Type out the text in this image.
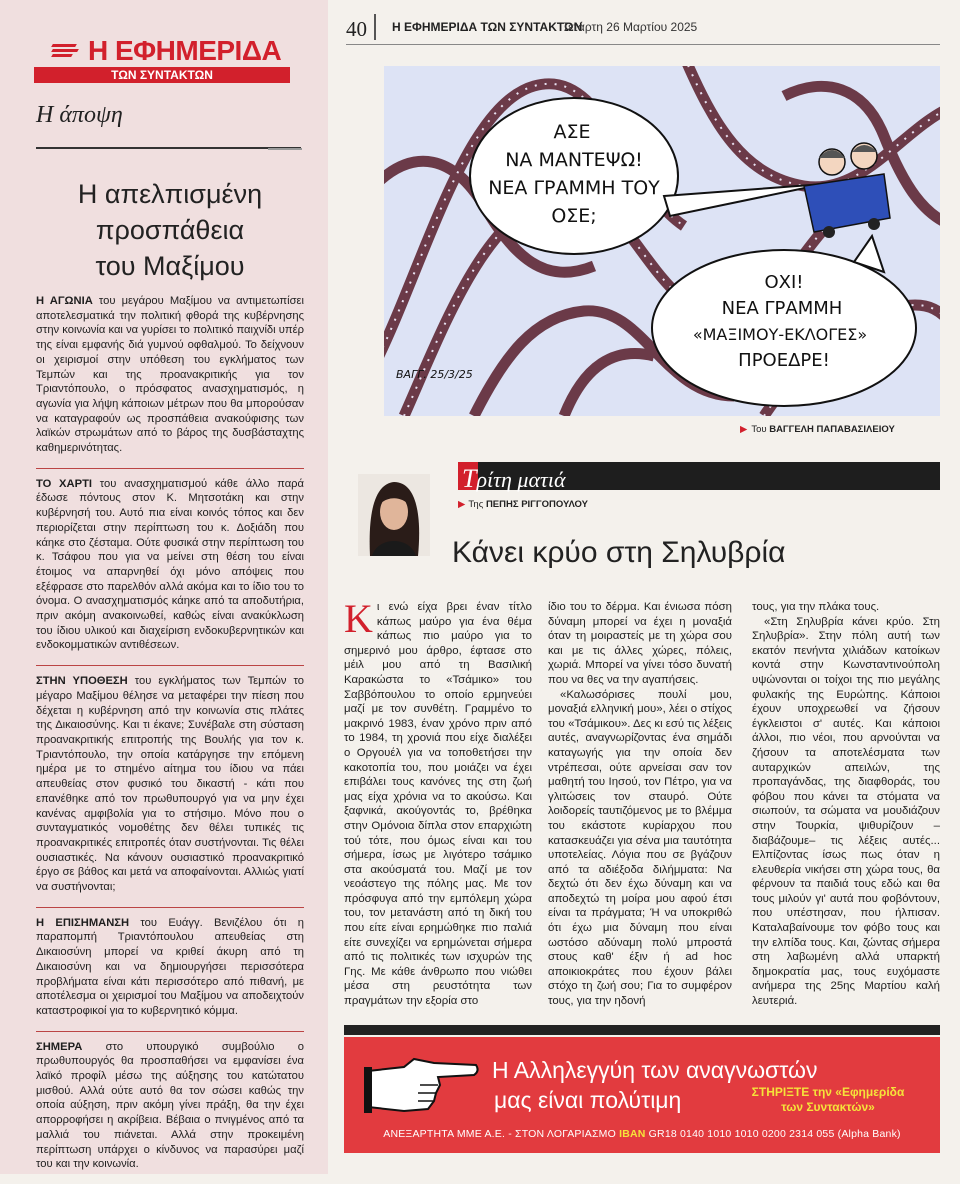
Η ΕΦΗΜΕΡΙΔΑ
ΤΩΝ ΣΥΝΤΑΚΤΩΝ
Η άποψη
Η απελπισμένη
προσπάθεια
του Μαξίμου

Η ΑΓΩΝΙΑ του μεγάρου Μαξίμου να αντιμετωπίσει αποτελεσματικά την πολιτική φθορά της κυβέρνησης στην κοινωνία και να γυρίσει το πολιτικό παιχνίδι υπέρ της είναι εμφανής διά γυμνού οφθαλμού. Το δείχνουν οι χειρισμοί στην υπόθεση του εγκλήματος των Τεμπών και της προανακριτικής για τον Τριαντόπουλο, ο πρόσφατος ανασχηματισμός, η αγωνία για λήψη κάποιων μέτρων που θα μπορούσαν να καταγραφούν ως προσπάθεια ανακούφισης των λαϊκών στρωμάτων από το βάρος της δυσβάσταχτης καθημερινότητας.

ΤΟ ΧΑΡΤΙ του ανασχηματισμού κάθε άλλο παρά έδωσε πόντους στον Κ. Μητσοτάκη και στην κυβέρνησή του. Αυτό πια είναι κοινός τόπος και δεν περιορίζεται στην περίπτωση του κ. Δοξιάδη που κάηκε στο ζέσταμα. Ούτε φυσικά στην περίπτωση του κ. Τσάφου που για να μείνει στη θέση του είναι έτοιμος να απαρνηθεί όχι μόνο απόψεις που εξέφρασε στο παρελθόν αλλά ακόμα και το ίδιο του το όνομα. Ο ανασχηματισμός κάηκε από τα αποδυτήρια, πριν ακόμη ανακοινωθεί, καθώς είναι ανακύκλωση του ίδιου υλικού και διαχείριση ενδοκυβερνητικών και ενδοκομματικών αντιθέσεων.

ΣΤΗΝ ΥΠΟΘΕΣΗ του εγκλήματος των Τεμπών το μέγαρο Μαξίμου θέλησε να μεταφέρει την πίεση που δέχεται η κυβέρνηση από την κοινωνία στις πλάτες της Δικαιοσύνης. Και τι έκανε; Συνέβαλε στη σύσταση προανακριτικής επιτροπής της Βουλής για τον κ. Τριαντόπουλο, την οποία κατάργησε την επόμενη ημέρα με το στημένο αίτημα του ίδιου να πάει απευθείας στον φυσικό του δικαστή - κάτι που επανέθηκε από τον πρωθυπουργό για να μην έχει κανένας αμφιβολία για το στήσιμο. Μόνο που ο συνταγματικός νομοθέτης δεν θέλει τυπικές τις προανακριτικές επιτροπές όταν συστήνονται. Τις θέλει ουσιαστικές. Να κάνουν ουσιαστικό προανακριτικό έργο σε βάθος και μετά να αποφαίνονται. Αλλιώς γιατί να συστήνονται;

Η ΕΠΙΣΗΜΑΝΣΗ του Ευάγγ. Βενιζέλου ότι η παραπομπή Τριαντόπουλου απευθείας στη Δικαιοσύνη μπορεί να κριθεί άκυρη από τη Δικαιοσύνη και να δημιουργήσει περισσότερα προβλήματα είναι κάτι περισσότερο από πιθανή, με αποτέλεσμα οι χειρισμοί του Μαξίμου να αποδειχτούν καταστροφικοί για το κυβερνητικό κόμμα.

ΣΗΜΕΡΑ στο υπουργικό συμβούλιο ο πρωθυπουργός θα προσπαθήσει να εμφανίσει ένα λαϊκό προφίλ μέσω της αύξησης του κατώτατου μισθού. Αλλά ούτε αυτό θα τον σώσει καθώς την οποία αύξηση, πριν ακόμη γίνει πράξη, θα την έχει απορροφήσει η ακρίβεια. Βέβαια ο πνιγμένος από τα μαλλιά του πιάνεται. Αλλά στην προκειμένη περίπτωση υπάρχει ο κίνδυνος να παρασύρει μαζί του και την κοινωνία.

40 Η ΕΦΗΜΕΡΙΔΑ ΤΩΝ ΣΥΝΤΑΚΤΩΝ
Τετάρτη 26 Μαρτίου 2025
ΑΣΕ
ΝΑ ΜΑΝΤΕΨΩ!
ΝΕΑ ΓΡΑΜΜΗ ΤΟΥ
ΟΣΕ;
ΟΧΙ!
ΝΕΑ ΓΡΑΜΜΗ
«ΜΑΞΙΜΟΥ-ΕΚΛΟΓΕΣ»
ΠΡΟΕΔΡΕ!
ΒΑΓΓ. 25/3/25
▶ Του ΒΑΓΓΕΛΗ ΠΑΠΑΒΑΣΙΛΕΙΟΥ
Τρίτη ματιά
▶ Της ΠΕΠΗΣ ΡΙΓΓΟΠΟΥΛΟΥ
Κάνει κρύο στη Σηλυβρία

Κι ενώ είχα βρει έναν τίτλο κάπως μαύρο για ένα θέμα κάπως πιο μαύρο για το σημερινό μου άρθρο, έφτασε στο μέιλ μου από τη Βασιλική Καρακώστα το «Τσάμικο» του Σαββόπουλου το οποίο ερμηνεύει μαζί με τον συνθέτη. Γραμμένο το μακρινό 1983, έναν χρόνο πριν από το 1984, τη χρονιά που είχε διαλέξει ο Οργουέλ για να τοποθετήσει την κακοτοπία του, που μοιάζει να έχει επιβάλει τους κανόνες της στη ζωή μας είχα χρόνια να το ακούσω. Και ξαφνικά, ακούγοντάς το, βρέθηκα στην Ομόνοια δίπλα στον επαρχιώτη τού τότε, που όμως είναι και του σήμερα, ίσως με λιγότερο τσάμικο στα ακούσματά του. Μαζί με τον νεοάστεγο της πόλης μας. Με τον πρόσφυγα από την εμπόλεμη χώρα του, τον μετανάστη από τη δική του που είτε είναι ερημώθηκε πιο παλιά είτε συνεχίζει να ερημώνεται σήμερα από τις πολιτικές των ισχυρών της Γης. Με κάθε άνθρωπο που νιώθει μέσα στη ρευστότητα των πραγμάτων την εξορία στο

ίδιο του το δέρμα. Και ένιωσα πόση δύναμη μπορεί να έχει η μοναξιά όταν τη μοιραστείς με τη χώρα σου και με τις άλλες χώρες, πόλεις, χωριά. Μπορεί να γίνει τόσο δυνατή που να θες να την αγαπήσεις.

«Καλωσόρισες πουλί μου, μοναξιά ελληνική μου», λέει ο στίχος του «Τσάμικου». Δες κι εσύ τις λέξεις αυτές, αναγνωρίζοντας ένα σημάδι καταγωγής για την οποία δεν ντρέπεσαι, ούτε αρνείσαι σαν τον μαθητή του Ιησού, τον Πέτρο, για να γλιτώσεις τον σταυρό. Ούτε λοιδορείς ταυτιζόμενος με το βλέμμα του εκάστοτε κυρίαρχου που κατασκευάζει για σένα μια ταυτότητα υποτελείας. Λόγια που σε βγάζουν από τα αδιέξοδα διλήμματα: Να δεχτώ ότι δεν έχω δύναμη και να αποδεχτώ τη μοίρα μου αφού έτσι είναι τα πράγματα; Ή να υποκριθώ ότι έχω μια δύναμη που είναι ωστόσο αδύναμη πολύ μπροστά στους καθ' έξιν ή ad hoc αποικιοκράτες που έχουν βάλει στόχο τη ζωή σου; Για το συμφέρον τους, για την ηδονή

τους, για την πλάκα τους.

«Στη Σηλυβρία κάνει κρύο. Στη Σηλυβρία». Στην πόλη αυτή των εκατόν πενήντα χιλιάδων κατοίκων κοντά στην Κωνσταντινούπολη υψώνονται οι τοίχοι της πιο μεγάλης φυλακής της Ευρώπης. Κάποιοι έχουν υποχρεωθεί να ζήσουν έγκλειστοι σ' αυτές. Και κάποιοι άλλοι, πιο νέοι, που αρνούνται να ζήσουν τα αποτελέσματα των αυταρχικών απειλών, της προπαγάνδας, της διαφθοράς, του φόβου που κάνει τα στόματα να σιωπούν, τα σώματα να μουδιάζουν στην Τουρκία, ψιθυρίζουν –διαβάζουμε– τις λέξεις αυτές... Ελπίζοντας ίσως πως όταν η ελευθερία νικήσει στη χώρα τους, θα φέρνουν τα παιδιά τους εδώ και θα τους μιλούν γι' αυτά που φοβόντουν, που υπέστησαν, που ήλπισαν. Καταλαβαίνουμε τον φόβο τους και την ελπίδα τους. Και, ζώντας σήμερα στη λαβωμένη αλλά υπαρκτή δημοκρατία μας, τους ευχόμαστε ανήμερα της 25ης Μαρτίου καλή λευτεριά.

Η Αλληλεγγύη των αναγνωστών
μας είναι πολύτιμη	ΣΤΗΡΙΞΤΕ την «Εφημερίδα
των Συντακτών»
ΑΝΕΞΑΡΤΗΤΑ ΜΜΕ Α.Ε. - ΣΤΟΝ ΛΟΓΑΡΙΑΣΜΟ IBAN GR18 0140 1010 1010 0200 2314 055 (Alpha Bank)
